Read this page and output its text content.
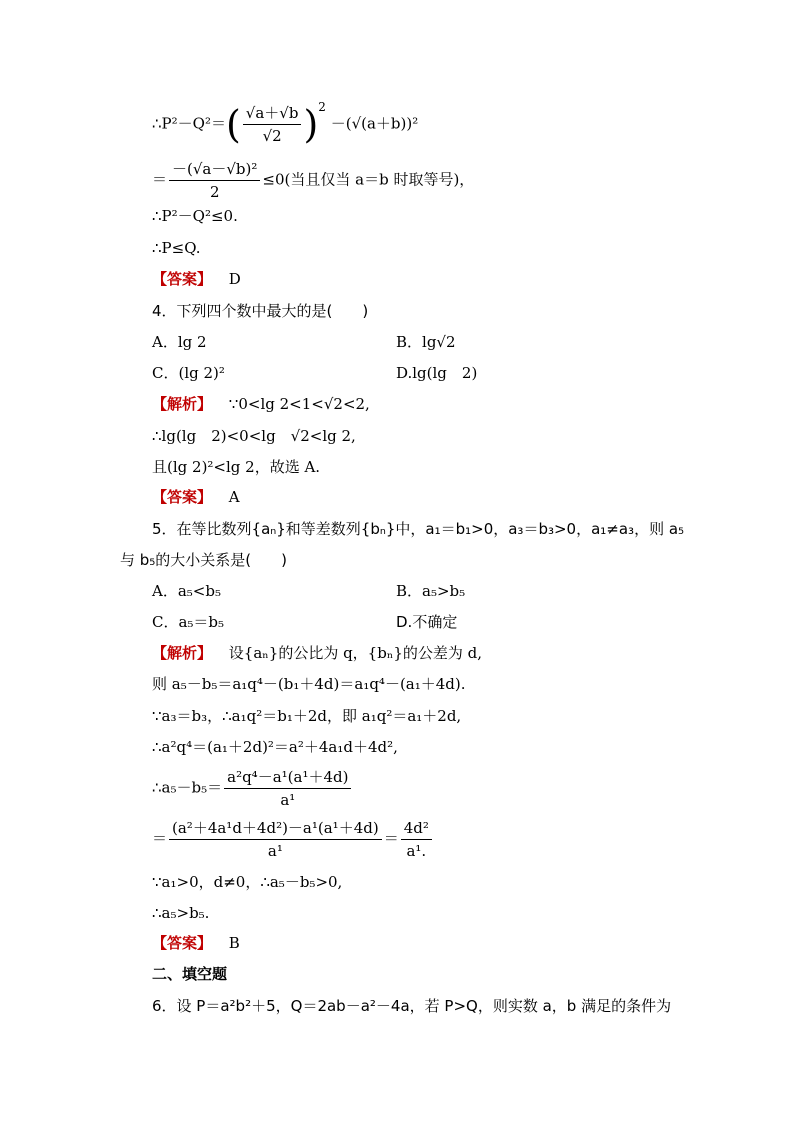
∴P²－Q²＝( $\frac{√a+√b}{√2} )^2 -(√(a+b))^2$
＝ $\frac{\text{－(√a－√b)²}}{2} \le 0$(当且仅当 a＝b 时取等号)，
∴P²－Q²≤0.
∴P≤Q.
【答案】 D
4．下列四个数中最大的是(　　)
A．lg 2	B．lg√2
C．(lg 2)²	D.lg(lg　2)
【解析】 ∵0<lg 2<1<√2<2,
∴lg(lg　2)<0<lg　√2<lg 2,
且(lg 2)²<lg 2，故选 A.
【答案】 A
5．在等比数列{aₙ}和等差数列{bₙ}中，a₁＝b₁>0，a₃＝b₃>0，a₁≠a₃，则 a₅
与 b₅的大小关系是(　　)
A．a₅<b₅	B．a₅>b₅
C．a₅＝b₅	D.不确定
【解析】 设{aₙ}的公比为 q，{bₙ}的公差为 d,
则 a₅－b₅＝a₁q⁴－(b₁＋4d)＝a₁q⁴－(a₁＋4d).
∵a₃＝b₃，∴a₁q²＝b₁＋2d，即 a₁q²＝a₁＋2d,
∴a²q⁴＝(a₁＋2d)²＝a²＋4a₁d＋4d²,
∴a₅－b₅＝ $\frac{\text{a²q⁴－a¹(a¹＋4d)}}{\text{a¹}}$
＝ $\frac{\text{(a²＋4a¹d＋4d²)－a¹(a¹＋4d)}}{\text{a¹}} = \frac{\text{4d²}}{\text{a¹.}}$
∵a₁>0，d≠0，∴a₅－b₅>0,
∴a₅>b₅.
【答案】 B
二、填空题
6．设 P＝a²b²＋5，Q＝2ab－a²－4a，若 P>Q，则实数 a，b 满足的条件为
